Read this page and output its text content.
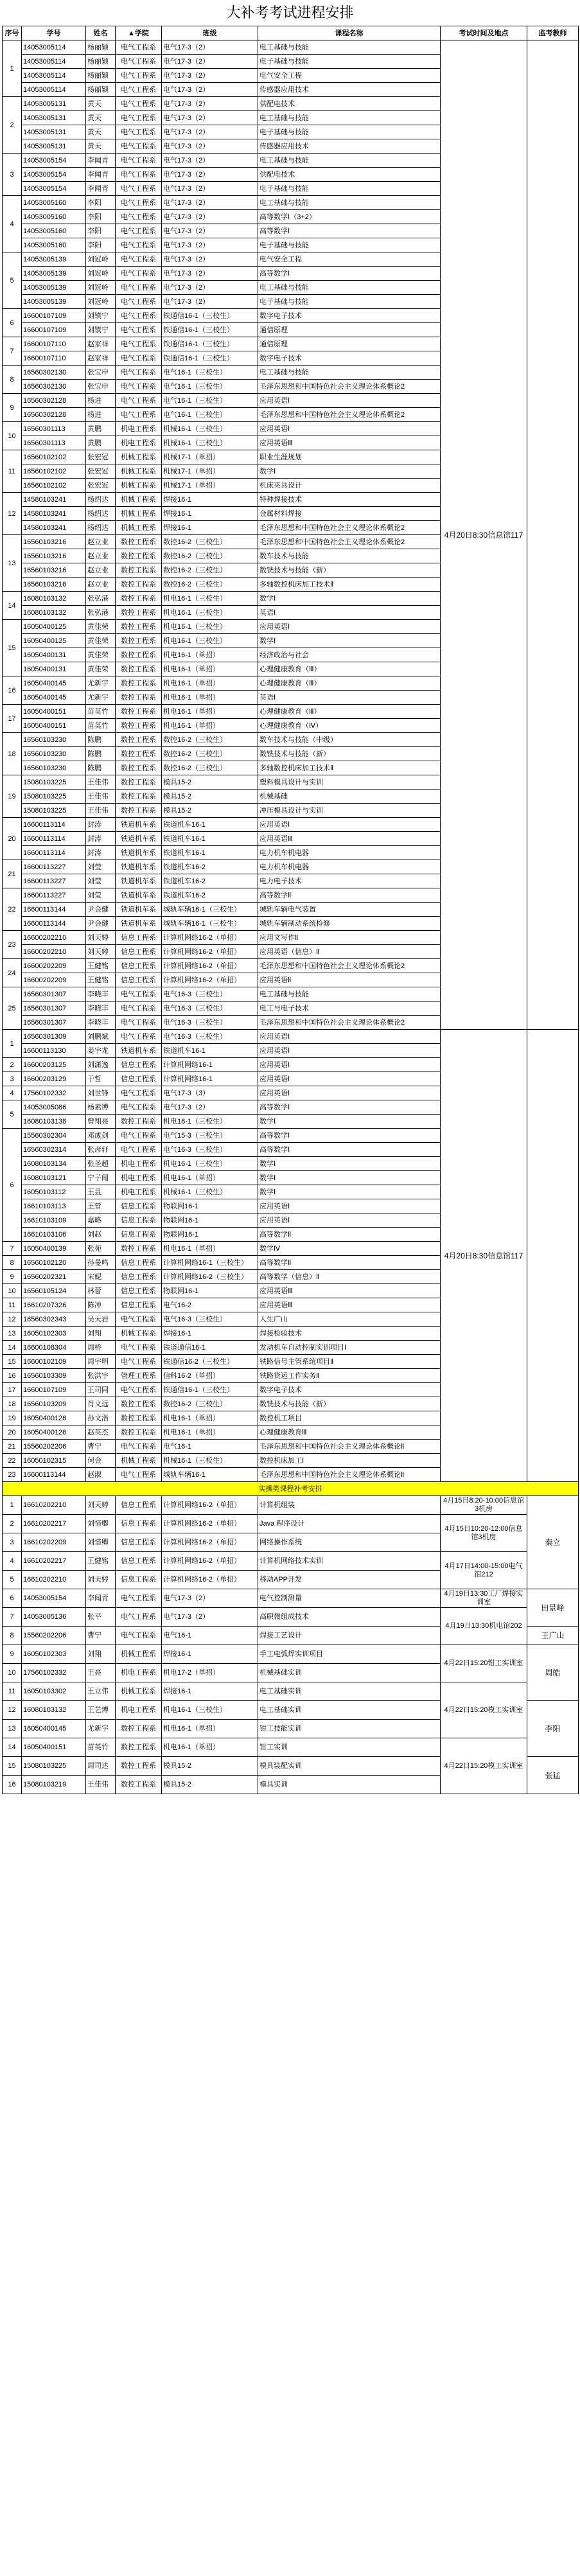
大补考考试进程安排
序号	学号	姓名	▲学院	班级	课程名称	考试时间及地点	监考教师
1	14053005114	杨丽颖	电气工程系	电气17-3（2）	电工基础与技能	4月20日8:30信息馆117	
	14053005114	杨丽颖	电气工程系	电气17-3（2）	电子基础与技能		
	14053005114	杨丽颖	电气工程系	电气17-3（2）	电气安全工程		
	14053005114	杨丽颖	电气工程系	电气17-3（2）	传感器应用技术		
2	14053005131	黄天	电气工程系	电气17-3（2）	供配电技术		
	14053005131	黄天	电气工程系	电气17-3（2）	电工基础与技能		
	14053005131	黄天	电气工程系	电气17-3（2）	电子基础与技能		
	14053005131	黄天	电气工程系	电气17-3（2）	传感器应用技术		
3	14053005154	李闻青	电气工程系	电气17-3（2）	电工基础与技能		
	14053005154	李闻青	电气工程系	电气17-3（2）	供配电技术		
	14053005154	李闻青	电气工程系	电气17-3（2）	电子基础与技能		
4	14053005160	李阳	电气工程系	电气17-3（2）	电工基础与技能		
	14053005160	李阳	电气工程系	电气17-3（2）	高等数学Ⅰ（3+2）		
	14053005160	李阳	电气工程系	电气17-3（2）	高等数学Ⅰ		
	14053005160	李阳	电气工程系	电气17-3（2）	电子基础与技能		
5	14053005139	刘冠岭	电气工程系	电气17-3（2）	电气安全工程		
	14053005139	刘冠岭	电气工程系	电气17-3（2）	高等数学Ⅰ		
	14053005139	刘冠岭	电气工程系	电气17-3（2）	电工基础与技能		
	14053005139	刘冠岭	电气工程系	电气17-3（2）	电子基础与技能		
6	16600107109	刘镇宁	电气工程系	铁通信16-1（三校生）	数字电子技术		
	16600107109	刘镇宁	电气工程系	铁通信16-1（三校生）	通信原理		
7	16600107110	赵家祥	电气工程系	铁通信16-1（三校生）	通信原理		
	16600107110	赵家祥	电气工程系	铁通信16-1（三校生）	数字电子技术		
8	16560302130	张宝申	电气工程系	电气16-1（三校生）	电工基础与技能		
	16560302130	张宝申	电气工程系	电气16-1（三校生）	毛泽东思想和中国特色社会主义理论体系概论2		
9	16560302128	杨进	电气工程系	电气16-1（三校生）	应用英语Ⅰ		
	16560302128	杨进	电气工程系	电气16-1（三校生）	毛泽东思想和中国特色社会主义理论体系概论2		
10	16560301113	黄鹏	机电工程系	机械16-1（三校生）	应用英语Ⅰ		
	16560301113	黄鹏	机电工程系	机械16-1（三校生）	应用英语Ⅲ		
11	16560102102	张宏冠	机械工程系	机械17-1（单招）	职业生涯规划		
	16560102102	张宏冠	机械工程系	机械17-1（单招）	数学Ⅰ		
	16560102102	张宏冠	机械工程系	机械17-1（单招）	机床夹具设计		
12	14580103241	杨绍达	机械工程系	焊接16-1	特种焊接技术		
	14580103241	杨绍达	机械工程系	焊接16-1	金属材料焊接		
	14580103241	杨绍达	机械工程系	焊接16-1	毛泽东思想和中国特色社会主义理论体系概论2		
13	16560103216	赵立业	数控工程系	数控16-2（三校生）	毛泽东思想和中国特色社会主义理论体系概论2		
	16560103216	赵立业	数控工程系	数控16-2（三校生）	数车技术与技能		
	16560103216	赵立业	数控工程系	数控16-2（三校生）	数铣技术与技能（新）		
	16560103216	赵立业	数控工程系	数控16-2（三校生）	多轴数控机床加工技术Ⅱ		
14	16080103132	张弘港	数控工程系	机电16-1（三校生）	数学Ⅰ		
	16080103132	张弘港	数控工程系	机电16-1（三校生）	英语Ⅰ		
15	16050400125	黄佳荣	数控工程系	机电16-1（三校生）	应用英语Ⅰ		
	16050400125	黄佳荣	数控工程系	机电16-1（三校生）	数学Ⅰ		
	16050400131	黄佳荣	数控工程系	机电16-1（单招）	经济政治与社会		
	16050400131	黄佳荣	数控工程系	机电16-1（单招）	心理健康教育（Ⅲ）		
16	16050400145	尤新宇	数控工程系	机电16-1（单招）	心理健康教育（Ⅲ）		
	16050400145	尤新宇	数控工程系	机电16-1（单招）	英语Ⅰ		
17	16050400151	苗英竹	数控工程系	机电16-1（单招）	心理健康教育（Ⅲ）		
	16050400151	苗英竹	数控工程系	机电16-1（单招）	心理健康教育（Ⅳ）		
18	16560103230	陈鹏	数控工程系	数控16-2（三校生）	数车技术与技能（中级）		
	16560103230	陈鹏	数控工程系	数控16-2（三校生）	数铣技术与技能（新）		
	16560103230	陈鹏	数控工程系	数控16-2（三校生）	多轴数控机床加工技术Ⅱ		
19	15080103225	王佳伟	数控工程系	模具15-2	塑料模具设计与实训		
	15080103225	王佳伟	数控工程系	模具15-2	机械基础		
	15080103225	王佳伟	数控工程系	模具15-2	冲压模具设计与实训		
20	16600113114	封涛	铁道机车系	铁道机车16-1	应用英语Ⅰ		
	16600113114	封涛	铁道机车系	铁道机车16-1	应用英语Ⅲ		
	16600113114	封涛	铁道机车系	铁道机车16-1	电力机车机电器		
21	16600113227	刘莹	铁道机车系	铁道机车16-2	电力机车机电器		
	16600113227	刘莹	铁道机车系	铁道机车16-2	电力电子技术		
22	16600113227	刘莹	铁道机车系	铁道机车16-2	高等数学Ⅱ		
	16600113144	尹金健	铁道机车系	城轨车辆16-1（三校生）	城轨车辆电气装置		
	16600113144	尹金健	铁道机车系	城轨车辆16-1（三校生）	城轨车辆制动系统检修		
23	16600202210	刘天婷	信息工程系	计算机网络16-2（单招）	应用文写作Ⅱ		
	16600202210	刘天婷	信息工程系	计算机网络16-2（单招）	应用英语（信息）Ⅱ		
24	16600202209	王健铭	信息工程系	计算机网络16-2（单招）	毛泽东思想和中国特色社会主义理论体系概论2		
	16600202209	王健铭	信息工程系	计算机网络16-2（单招）	应用英语Ⅱ		
25	16560301307	李晓丰	电气工程系	电气16-3（三校生）	电工基础与技能		
	16560301307	李晓丰	电气工程系	电气16-3（三校生）	电工与电子技术		
	16560301307	李晓丰	电气工程系	电气16-3（三校生）	毛泽东思想和中国特色社会主义理论体系概论2		
1	16560301309	刘鹏斌	电气工程系	电气16-3（三校生）	应用英语Ⅰ	4月20日8:30信息馆117	
	16600113130	姜宇龙	铁道机车系	铁道机车16-1	应用英语Ⅰ		
2	16600203125	刘潇逸	信息工程系	计算机网络16-1	应用英语Ⅰ		
3	16600203129	于哲	信息工程系	计算机网络16-1	应用英语Ⅰ		
4	17560102332	刘世锋	电气工程系	电气17-3（3）	应用英语Ⅰ		
5	14053005086	杨素博	电气工程系	电气17-3（2）	高等数学Ⅰ		
	16080103138	曾翔亮	数控工程系	机电16-1（三校生）	数学Ⅰ		
6	15560302304	邓成剑	电气工程系	电气15-3（三校生）	高等数学Ⅰ		
	16560302314	张彦轩	电气工程系	电气16-3（三校生）	高等数学Ⅰ		
	16080103134	张圣超	机电工程系	机电16-1（三校生）	数学Ⅰ		
	16080103121	宁子闻	机电工程系	机电16-1（单招）	数学Ⅰ		
	16050103112	王昱	机电工程系	机械16-1（三校生）	数学Ⅰ		
	16610103113	王营	信息工程系	物联网16-1	应用英语Ⅰ		
	16610103109	嘉略	信息工程系	物联网16-1	应用英语Ⅰ		
	16610103106	刘赵	信息工程系	物联网16-1	高等数学Ⅱ		
7	16050400139	张苑	数控工程系	机电16-1（单招）	数学Ⅳ		
8	16560102120	孙曼鸣	信息工程系	计算机网络16-1（三校生）	高等数学Ⅱ		
9	16560202321	宋妮	信息工程系	计算机网络16-2（三校生）	高等数学（信息）Ⅱ		
10	16560105124	林蕾	信息工程系	物联网16-1	应用英语Ⅲ		
11	16610207326	陈冲	信息工程系	电气16-2	应用英语Ⅲ		
12	16560302343	吴天岩	电气工程系	电气16-3（三校生）	人生广山		
13	16050102303	刘翔	机械工程系	焊接16-1	焊接检验技术		
14	16600108304	周桥	电气工程系	铁道通信16-1	发动机车自动控制实训项目Ⅰ		
15	16600102109	周宇明	电气工程系	铁通信16-2（三校生）	铁路信号主管系统项目Ⅱ		
16	16560103309	张洪宇	管理工程系	信科16-2（单招）	铁路货运工作实务Ⅱ		
17	16600107109	王司同	电气工程系	铁通信16-1（三校生）	数字电子技术		
18	16560103209	肖文远	数控工程系	数控16-2（三校生）	数铣技术与技能（新）		
19	16050400128	孙文浩	数控工程系	机电16-1（单招）	数控机工项目		
20	16050400126	赵英杰	数控工程系	机电16-1（单招）	心理健康教育Ⅲ		
21	15560202206	曹宁	电气工程系	电气16-1	毛泽东思想和中国特色社会主义理论体系概论Ⅱ		
22	16050102315	何金	机械工程系	机械16-1（三校生）	数控机床加工Ⅰ		
23	16600113144	赵淑	电气工程系	城轨车辆16-1	毛泽东思想和中国特色社会主义理论体系概论Ⅱ		
实操类课程补考安排							
1	16610202210	刘天婷	信息工程系	计算机网络16-2（单招）	计算机组装	4月15日8:20-10:00信息馆3机房	秦立
2	16610202217	刘惜卿	信息工程系	计算机网络16-2（单招）	Java 程序设计	4月15日10:20-12:00信息馆3机房	
3	16610202209	刘惜卿	信息工程系	计算机网络16-2（单招）	网络操作系统		
4	16610202217	王健铭	信息工程系	计算机网络16-2（单招）	计算机网络技术实训	4月17日14:00-15:00电气馆212	
5	16610202210	刘天婷	信息工程系	计算机网络16-2（单招）	移动APP开发		
6	14053005154	李闻青	电气工程系	电气17-3（2）	电气控制测量	4月19日13:30工厂焊接实训室	田景峰
7	14053005136	张平	电气工程系	电气17-3（2）	高职微组成技术	4月19日13:30机电馆202	
8	15560202206	曹宁	电气工程系	电气16-1	焊接工艺设计		王广山
9	16050102303	刘翔	机械工程系	焊接16-1	手工电弧焊实训项目	4月22日15:20钳工实训室	周皓
10	17560102332	王亮	机电工程系	机电17-2（单招）	机械基础实训		
11	16050103302	王立伟	机械工程系	焊接16-1	电工基础实训	4月22日15:20模工实训室	
12	16080103132	王艺博	机电工程系	机电16-1（三校生）	电工基础实训		李阳
13	16050400145	尤新宇	数控工程系	机电16-1（单招）	钳工技能实训		
14	16050400151	苗英竹	数控工程系	机电16-1（单招）	钳工实训	4月22日15:20模工实训室	
15	15080103225	周司达	数控工程系	模具15-2	模具装配实训		张猛
16	15080103219	王佳伟	数控工程系	模具15-2	模具实训		
